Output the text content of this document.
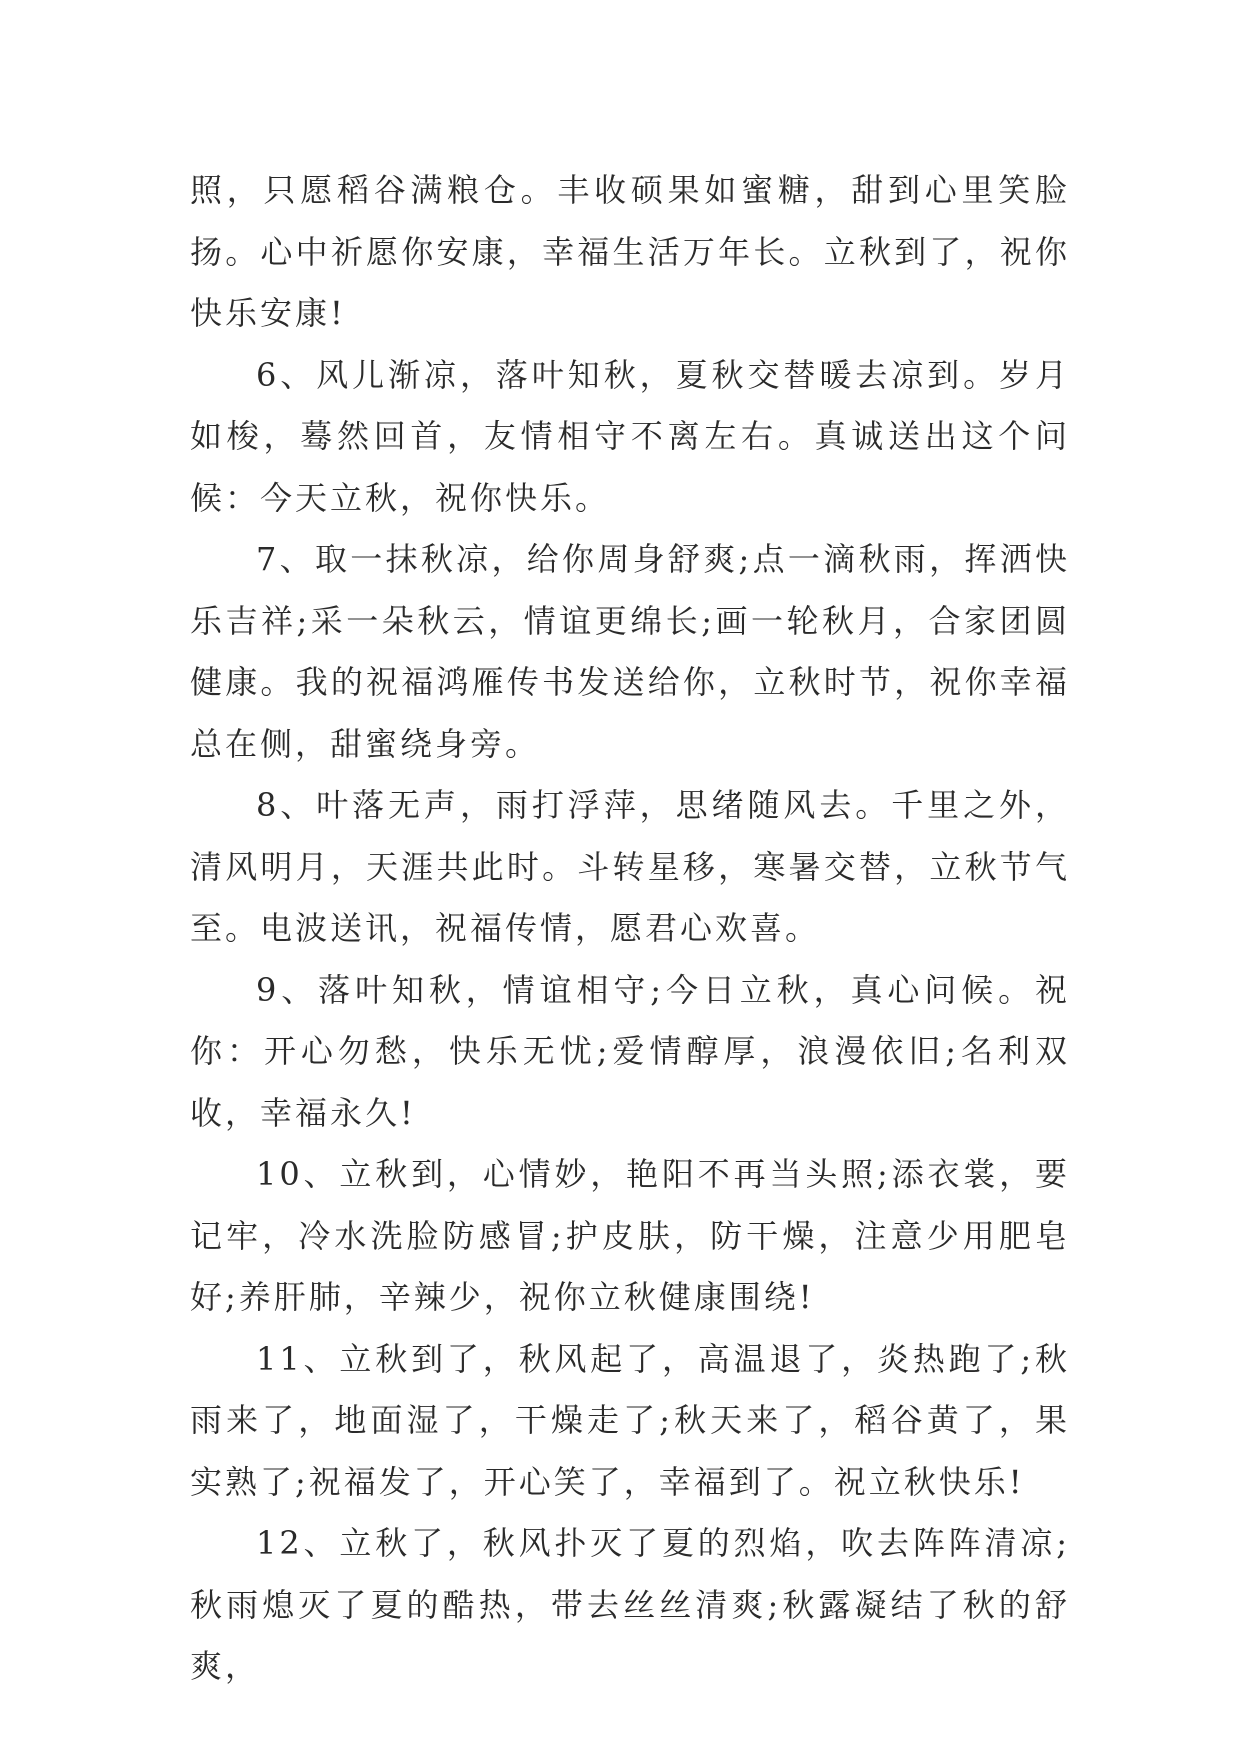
照，只愿稻谷满粮仓。丰收硕果如蜜糖，甜到心里笑脸扬。心中祈愿你安康，幸福生活万年长。立秋到了，祝你快乐安康!

6、风儿渐凉，落叶知秋，夏秋交替暖去凉到。岁月如梭，蓦然回首，友情相守不离左右。真诚送出这个问候：今天立秋，祝你快乐。

7、取一抹秋凉，给你周身舒爽;点一滴秋雨，挥洒快乐吉祥;采一朵秋云，情谊更绵长;画一轮秋月，合家团圆健康。我的祝福鸿雁传书发送给你，立秋时节，祝你幸福总在侧，甜蜜绕身旁。

8、叶落无声，雨打浮萍，思绪随风去。千里之外，清风明月，天涯共此时。斗转星移，寒暑交替，立秋节气至。电波送讯，祝福传情，愿君心欢喜。

9、落叶知秋，情谊相守;今日立秋，真心问候。祝你：开心勿愁，快乐无忧;爱情醇厚，浪漫依旧;名利双收，幸福永久!

10、立秋到，心情妙，艳阳不再当头照;添衣裳，要记牢，冷水洗脸防感冒;护皮肤，防干燥，注意少用肥皂好;养肝肺，辛辣少，祝你立秋健康围绕!

11、立秋到了，秋风起了，高温退了，炎热跑了;秋雨来了，地面湿了，干燥走了;秋天来了，稻谷黄了，果实熟了;祝福发了，开心笑了，幸福到了。祝立秋快乐!

12、立秋了，秋风扑灭了夏的烈焰，吹去阵阵清凉;秋雨熄灭了夏的酷热，带去丝丝清爽;秋露凝结了秋的舒爽，
